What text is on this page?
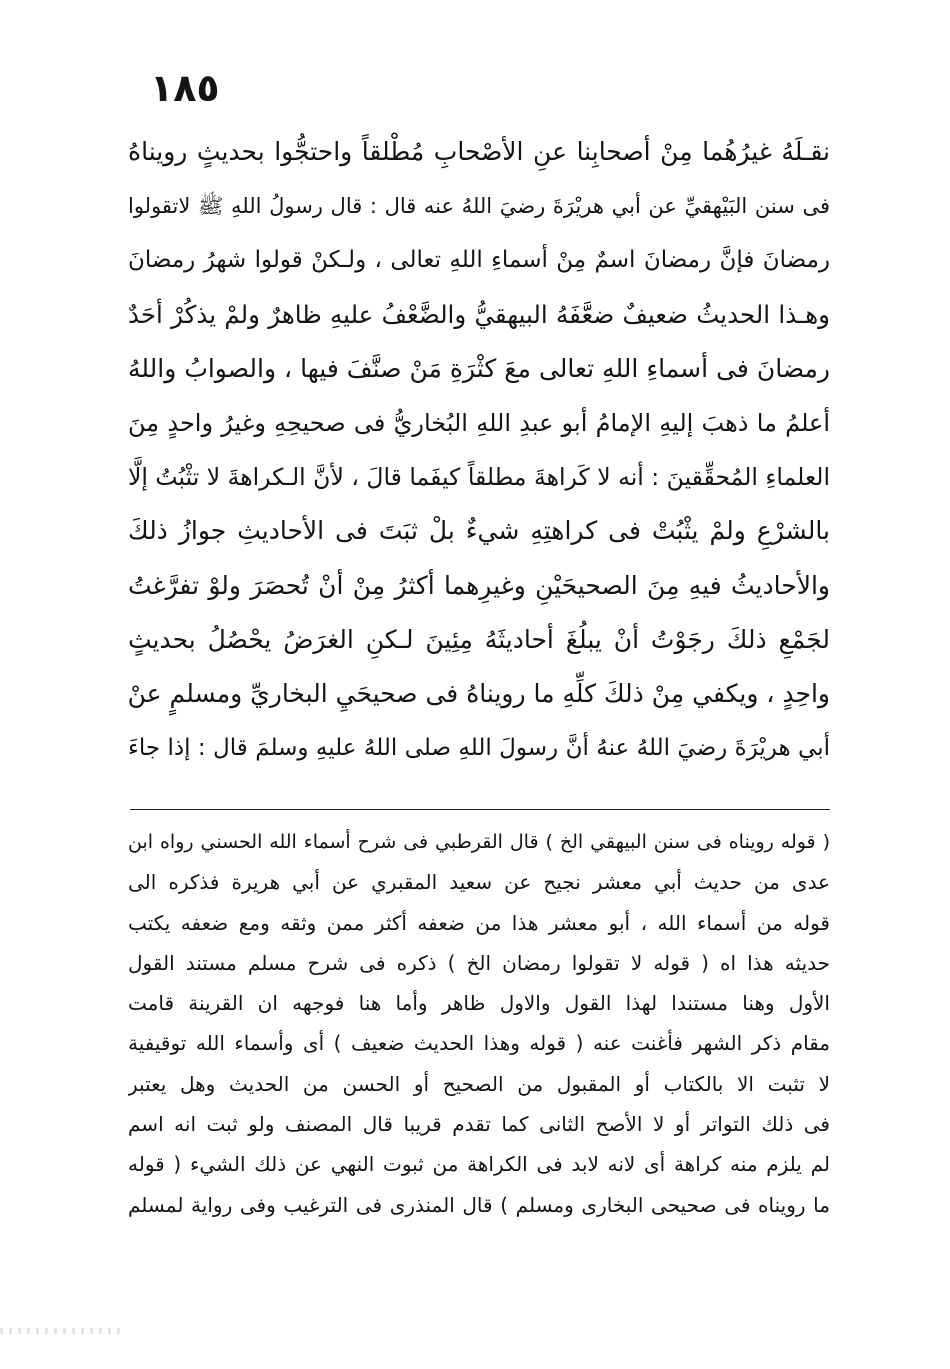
١٨٥
نقـلَهُ غيرُهُما مِنْ أصحابِنا عنِ الأصْحابِ مُطْلقاً واحتجُّوا بحديثٍ رويناهُ
فى سنن البَيْهقيِّ عن أبي هريْرَةَ رضيَ اللهُ عنه قال : قال رسولُ اللهِ ﷺ لاتقولوا
رمضانَ فإنَّ رمضانَ اسمٌ مِنْ أسماءِ اللهِ تعالى ، ولـكنْ قولوا شهرُ رمضانَ
وهـذا الحديثُ ضعيفٌ ضعَّفَهُ البيهقيُّ والضَّعْفُ عليهِ ظاهرٌ ولمْ يذكُرْ أحَدٌ
رمضانَ فى أسماءِ اللهِ تعالى معَ كثْرَةِ مَنْ صنَّفَ فيها ، والصوابُ واللهُ
أعلمُ ما ذهبَ إليهِ الإمامُ أبو عبدِ اللهِ البُخاريُّ فى صحيحِهِ وغيرُ واحدٍ مِنَ
العلماءِ المُحقِّقينَ : أنه لا كَراهةَ مطلقاً كيفَما قالَ ، لأنَّ الـكراهةَ لا تثْبُتُ إلَّا
بالشرْعِ ولمْ يثْبُتْ فى كراهتِهِ شيءٌ بلْ ثبَتَ فى الأحاديثِ جوازُ ذلكَ
والأحاديثُ فيهِ مِنَ الصحيحَيْنِ وغيرِهما أكثرُ مِنْ أنْ تُحصَرَ ولوْ تفرَّغتُ
لجَمْعِ ذلكَ رجَوْتُ أنْ يبلُغَ أحاديثَهُ مِئِينَ لـكنِ الغرَضُ يحْصُلُ بحديثٍ
واحِدٍ ، ويكفي مِنْ ذلكَ كلِّهِ ما رويناهُ فى صحيحَيِ البخاريِّ ومسلمٍ عنْ
أبي هريْرَةَ رضيَ اللهُ عنهُ أنَّ رسولَ اللهِ صلى اللهُ عليهِ وسلمَ قال : إذا جاءَ
( قوله رويناه فى سنن البيهقي الخ ) قال القرطبي فى شرح أسماء الله الحسني رواه ابن
عدى من حديث أبي معشر نجيح عن سعيد المقبري عن أبي هريرة فذكره الى
قوله من أسماء الله ، أبو معشر هذا من ضعفه أكثر ممن وثقه ومع ضعفه يكتب
حديثه هذا اه ( قوله لا تقولوا رمضان الخ ) ذكره فى شرح مسلم مستند القول
الأول وهنا مستندا لهذا القول والاول ظاهر وأما هنا فوجهه ان القرينة قامت
مقام ذكر الشهر فأغنت عنه ( قوله وهذا الحديث ضعيف ) أى وأسماء الله توقيفية
لا تثبت الا بالكتاب أو المقبول من الصحيح أو الحسن من الحديث وهل يعتبر
فى ذلك التواتر أو لا الأصح الثانى كما تقدم قريبا قال المصنف ولو ثبت انه اسم
لم يلزم منه كراهة أى لانه لابد فى الكراهة من ثبوت النهي عن ذلك الشيء ( قوله
ما رويناه فى صحيحى البخارى ومسلم ) قال المنذرى فى الترغيب وفى رواية لمسلم
